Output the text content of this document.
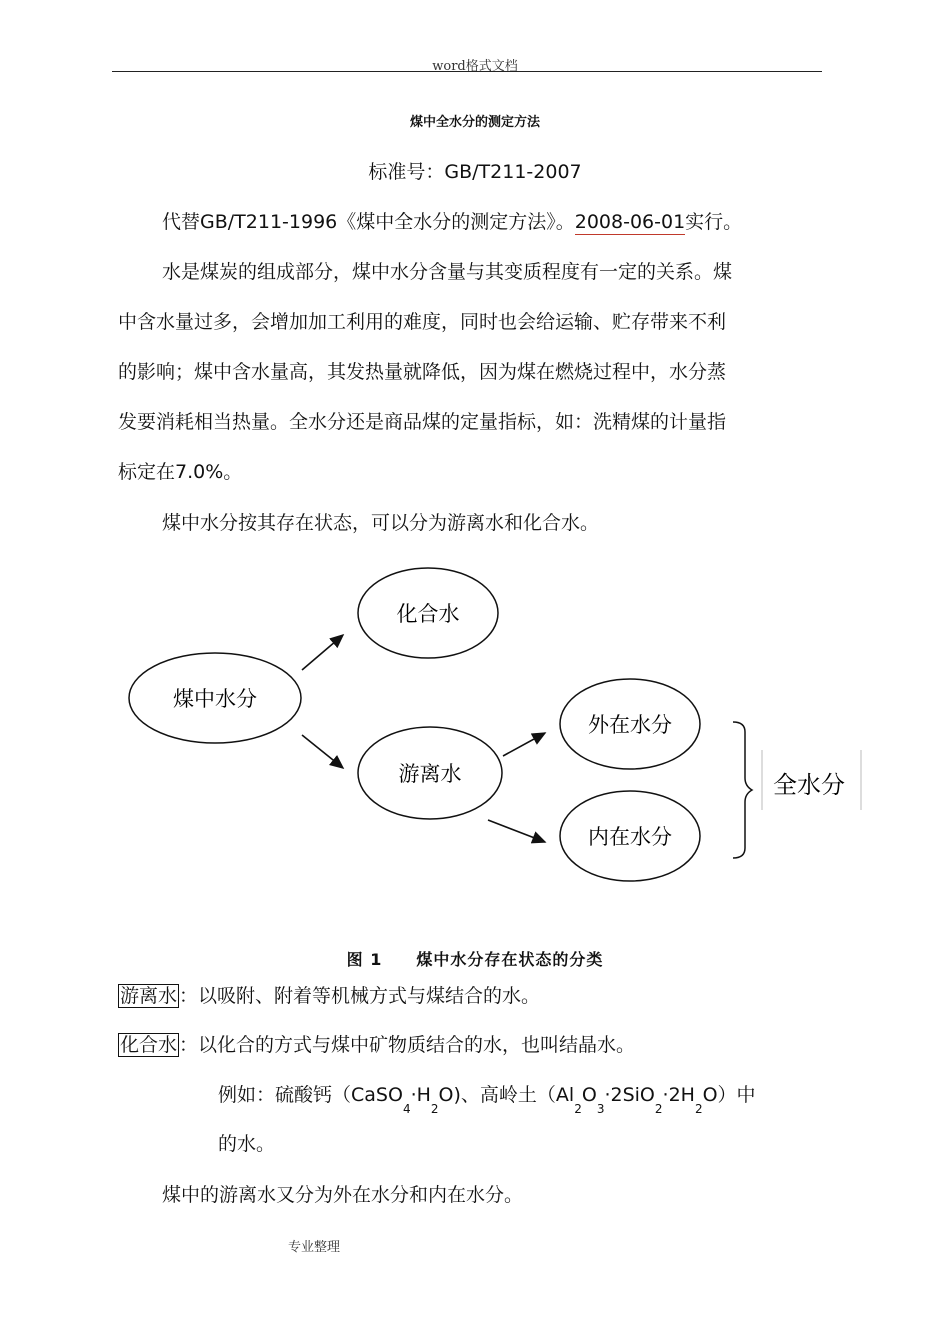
word格式文档
煤中全水分的测定方法
标准号：GB/T211-2007
代替GB/T211-1996《煤中全水分的测定方法》。2008-06-01实行。
水是煤炭的组成部分，煤中水分含量与其变质程度有一定的关系。煤
中含水量过多，会增加加工利用的难度，同时也会给运输、贮存带来不利
的影响；煤中含水量高，其发热量就降低，因为煤在燃烧过程中，水分蒸
发要消耗相当热量。全水分还是商品煤的定量指标，如：洗精煤的计量指
标定在7.0%。
煤中水分按其存在状态，可以分为游离水和化合水。
煤中水分
化合水
游离水
外在水分
内在水分
全水分
图 1　　煤中水分存在状态的分类
游离水 ：以吸附、附着等机械方式与煤结合的水。
化合水 ：以化合的方式与煤中矿物质结合的水，也叫结晶水。
例如：硫酸钙$(CaSO_4\cdot H_2O)$、高岭土$(Al_2O_3\cdot 2SiO_2\cdot 2H_2O)$中
的水。
煤中的游离水又分为外在水分和内在水分。
专业整理
